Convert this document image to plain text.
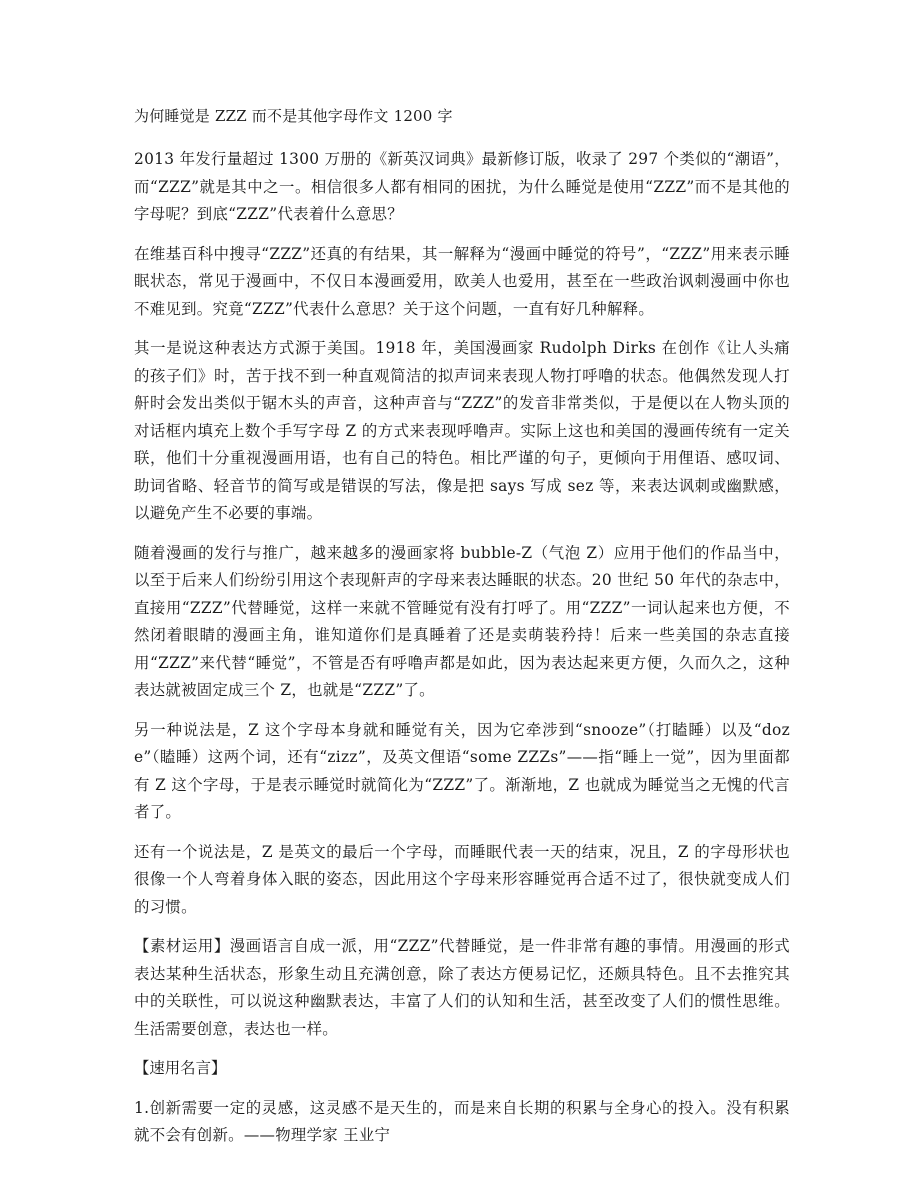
为何睡觉是 ZZZ 而不是其他字母作文 1200 字

2013 年发行量超过 1300 万册的《新英汉词典》最新修订版，收录了 297 个类似的“潮语”，而“ZZZ”就是其中之一。相信很多人都有相同的困扰，为什么睡觉是使用“ZZZ”而不是其他的字母呢？到底“ZZZ”代表着什么意思？

在维基百科中搜寻“ZZZ”还真的有结果，其一解释为“漫画中睡觉的符号”，“ZZZ”用来表示睡眠状态，常见于漫画中，不仅日本漫画爱用，欧美人也爱用，甚至在一些政治讽刺漫画中你也不难见到。究竟“ZZZ”代表什么意思？关于这个问题，一直有好几种解释。

其一是说这种表达方式源于美国。1918 年，美国漫画家 Rudolph Dirks 在创作《让人头痛的孩子们》时，苦于找不到一种直观简洁的拟声词来表现人物打呼噜的状态。他偶然发现人打鼾时会发出类似于锯木头的声音，这种声音与“ZZZ”的发音非常类似，于是便以在人物头顶的对话框内填充上数个手写字母 Z 的方式来表现呼噜声。实际上这也和美国的漫画传统有一定关联，他们十分重视漫画用语，也有自己的特色。相比严谨的句子，更倾向于用俚语、感叹词、助词省略、轻音节的简写或是错误的写法，像是把 says 写成 sez 等，来表达讽刺或幽默感，以避免产生不必要的事端。

随着漫画的发行与推广，越来越多的漫画家将 bubble-Z（气泡 Z）应用于他们的作品当中，以至于后来人们纷纷引用这个表现鼾声的字母来表达睡眠的状态。20 世纪 50 年代的杂志中，直接用“ZZZ”代替睡觉，这样一来就不管睡觉有没有打呼了。用“ZZZ”一词认起来也方便，不然闭着眼睛的漫画主角，谁知道你们是真睡着了还是卖萌装矜持！后来一些美国的杂志直接用“ZZZ”来代替“睡觉”，不管是否有呼噜声都是如此，因为表达起来更方便，久而久之，这种表达就被固定成三个 Z，也就是“ZZZ”了。

另一种说法是，Z 这个字母本身就和睡觉有关，因为它牵涉到“snooze”（打瞌睡）以及“doze”（瞌睡）这两个词，还有“zizz”，及英文俚语“some ZZZs”——指“睡上一觉”，因为里面都有 Z 这个字母，于是表示睡觉时就简化为“ZZZ”了。渐渐地，Z 也就成为睡觉当之无愧的代言者了。

还有一个说法是，Z 是英文的最后一个字母，而睡眠代表一天的结束，况且，Z 的字母形状也很像一个人弯着身体入眠的姿态，因此用这个字母来形容睡觉再合适不过了，很快就变成人们的习惯。

【素材运用】漫画语言自成一派，用“ZZZ”代替睡觉，是一件非常有趣的事情。用漫画的形式表达某种生活状态，形象生动且充满创意，除了表达方便易记忆，还颇具特色。且不去推究其中的关联性，可以说这种幽默表达，丰富了人们的认知和生活，甚至改变了人们的惯性思维。生活需要创意，表达也一样。

【速用名言】

1.创新需要一定的灵感，这灵感不是天生的，而是来自长期的积累与全身心的投入。没有积累就不会有创新。——物理学家 王业宁
